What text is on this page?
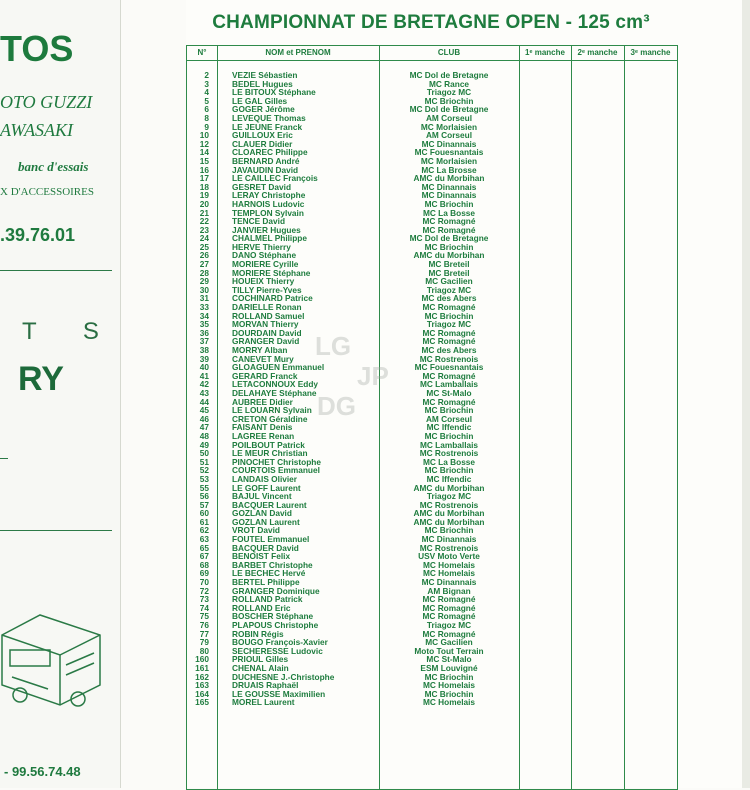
TOS
OTO GUZZI
AWASAKI
banc d'essais
X D'ACCESSOIRES
.39.76.01
T S
RY
- 99.56.74.48
CHAMPIONNAT DE BRETAGNE OPEN - 125 cm³
N°	NOM et PRENOM	CLUB	1ᵉ manche	2ᵉ manche	3ᵉ manche
LG
JP
DG
2	VEZIE Sébastien	MC Dol de Bretagne
3	BEDEL Hugues	MC Rance
4	LE BITOUX Stéphane	Triagoz MC
5	LE GAL Gilles	MC Briochin
6	GOGER Jérôme	MC Dol de Bretagne
8	LEVEQUE Thomas	AM Corseul
9	LE JEUNE Franck	MC Morlaisien
10	GUILLOUX Eric	AM Corseul
12	CLAUER Didier	MC Dinannais
14	CLOAREC Philippe	MC Fouesnantais
15	BERNARD André	MC Morlaisien
16	JAVAUDIN David	MC La Brosse
17	LE CAILLEC François	AMC du Morbihan
18	GESRET David	MC Dinannais
19	LERAY Christophe	MC Dinannais
20	HARNOIS Ludovic	MC Briochin
21	TEMPLON Sylvain	MC La Bosse
22	TENCE David	MC Romagné
23	JANVIER Hugues	MC Romagné
24	CHALMEL Philippe	MC Dol de Bretagne
25	HERVE Thierry	MC Briochin
26	DANO Stéphane	AMC du Morbihan
27	MORIERE Cyrille	MC Breteil
28	MORIERE Stéphane	MC Breteil
29	HOUEIX Thierry	MC Gacilien
30	TILLY Pierre-Yves	Triagoz MC
31	COCHINARD Patrice	MC des Abers
33	DARIELLE Ronan	MC Romagné
34	ROLLAND Samuel	MC Briochin
35	MORVAN Thierry	Triagoz MC
36	DOURDAIN David	MC Romagné
37	GRANGER David	MC Romagné
38	MORRY Alban	MC des Abers
39	CANEVET Mury	MC Rostrenois
40	GLOAGUEN Emmanuel	MC Fouesnantais
41	GERARD Franck	MC Romagné
42	LETACONNOUX Eddy	MC Lamballais
43	DELAHAYE Stéphane	MC St-Malo
44	AUBREE Didier	MC Romagné
45	LE LOUARN Sylvain	MC Briochin
46	CRETON Géraldine	AM Corseul
47	FAISANT Denis	MC Iffendic
48	LAGREE Renan	MC Briochin
49	POILBOUT Patrick	MC Lamballais
50	LE MEUR Christian	MC Rostrenois
51	PINOCHET Christophe	MC La Bosse
52	COURTOIS Emmanuel	MC Briochin
53	LANDAIS Olivier	MC Iffendic
55	LE GOFF Laurent	AMC du Morbihan
56	BAJUL Vincent	Triagoz MC
57	BACQUER Laurent	MC Rostrenois
60	GOZLAN David	AMC du Morbihan
61	GOZLAN Laurent	AMC du Morbihan
62	VROT David	MC Briochin
63	FOUTEL Emmanuel	MC Dinannais
65	BACQUER David	MC Rostrenois
67	BENOIST Felix	USV Moto Verte
68	BARBET Christophe	MC Homelais
69	LE BECHEC Hervé	MC Homelais
70	BERTEL Philippe	MC Dinannais
72	GRANGER Dominique	AM Bignan
73	ROLLAND Patrick	MC Romagné
74	ROLLAND Eric	MC Romagné
75	BOSCHER Stéphane	MC Romagné
76	PLAPOUS Christophe	Triagoz MC
77	ROBIN Régis	MC Romagné
79	BOUGO François-Xavier	MC Gacilien
80	SECHERESSE Ludovic	Moto Tout Terrain
160	PRIOUL Gilles	MC St-Malo
161	CHENAL Alain	ESM Louvigné
162	DUCHESNE J.-Christophe	MC Briochin
163	DRUAIS Raphaël	MC Homelais
164	LE GOUSSE Maximilien	MC Briochin
165	MOREL Laurent	MC Homelais
